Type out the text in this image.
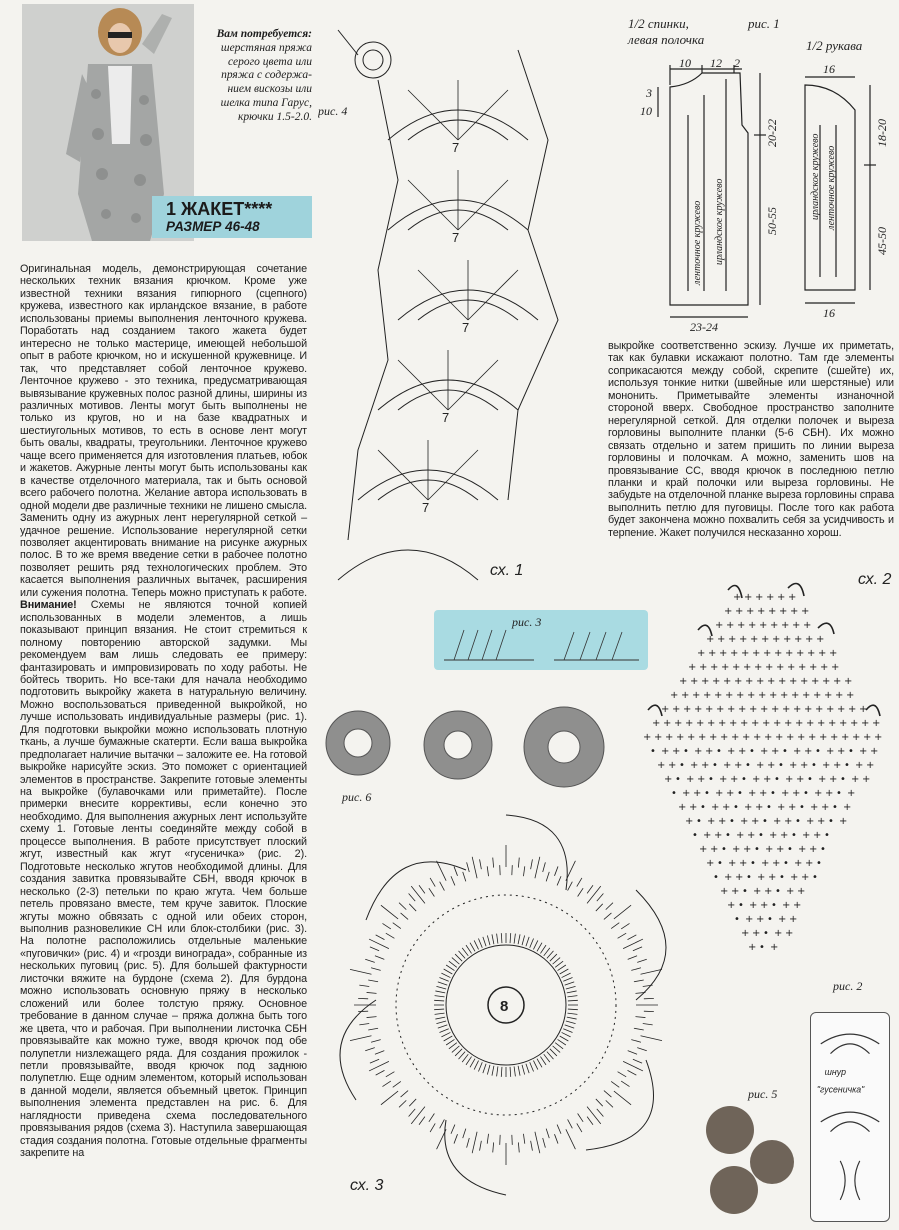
Вам потребуется:
шерстяная пряжа
серого цвета или
пряжа с содержа-
нием вискозы или
шелка типа Гарус,
крючки 1.5-2.0.
1 ЖАКЕТ****
РАЗМЕР 46-48
Оригинальная модель, демонстрирующая сочетание нескольких техник вязания крючком. Кроме уже известной техники вязания гипюрного (сцепного) кружева, известного как ирландское вязание, в работе использованы приемы выполнения ленточного кружева. Поработать над созданием такого жакета будет интересно не только мастерице, имеющей небольшой опыт в работе крючком, но и искушенной кружевнице. И так, что представляет собой ленточное кружево. Ленточное кружево - это техника, предусматривающая вывязывание кружевных полос разной длины, ширины из различных мотивов. Ленты могут быть выполнены не только из кругов, но и на базе квадратных и шестиугольных мотивов, то есть в основе лент могут быть овалы, квадраты, треугольники. Ленточное кружево чаще всего применяется для изготовления платьев, юбок и жакетов. Ажурные ленты могут быть использованы как в качестве отделочного материала, так и быть основой всего рабочего полотна. Желание автора использовать в одной модели две различные техники не лишено смысла. Заменить одну из ажурных лент нерегулярной сеткой – удачное решение. Использование нерегулярной сетки позволяет акцентировать внимание на рисунке ажурных полос. В то же время введение сетки в рабочее полотно позволяет решить ряд технологических проблем. Это касается выполнения различных вытачек, расширения или сужения полотна. Теперь можно приступать к работе. Внимание! Схемы не являются точной копией использованных в модели элементов, а лишь показывают принцип вязания. Не стоит стремиться к полному повторению авторской задумки. Мы рекомендуем вам лишь следовать ее примеру: фантазировать и импровизировать по ходу работы. Не бойтесь творить. Но все-таки для начала необходимо подготовить выкройку жакета в натуральную величину. Можно воспользоваться приведенной выкройкой, но лучше использовать индивидуальные размеры (рис. 1). Для подготовки выкройки можно использовать плотную ткань, а лучше бумажные скатерти. Если ваша выкройка предполагает наличие вытачки – заложите ее. На готовой выкройке нарисуйте эскиз. Это поможет с ориентацией элементов в пространстве. Закрепите готовые элементы на выкройке (булавочками или приметайте). После примерки внесите коррективы, если конечно это необходимо. Для выполнения ажурных лент используйте схему 1. Готовые ленты соединяйте между собой в процессе выполнения. В работе присутствует плоский жгут, известный как жгут «гусеничка» (рис. 2). Подготовьте несколько жгутов необходимой длины. Для создания завитка провязывайте СБН, вводя крючок в несколько (2-3) петельки по краю жгута. Чем больше петель провязано вместе, тем круче завиток. Плоские жгуты можно обвязать с одной или обеих сторон, выполнив разновеликие СН или блок-столбики (рис. 3). На полотне расположились отдельные маленькие «пуговички» (рис. 4) и «грозди винограда», собранные из нескольких пуговиц (рис. 5). Для большей фактурности листочки вяжите на бурдоне (схема 2). Для бурдона можно использовать основную пряжу в несколько сложений или более толстую пряжу. Основное требование в данном случае – пряжа должна быть того же цвета, что и рабочая. При выполнении листочка СБН провязывайте как можно туже, вводя крючок под обе полупетли низлежащего ряда. Для создания прожилок - петли провязывайте, вводя крючок под заднюю полупетлю. Еще одним элементом, который использован в данной модели, является объемный цветок. Принцип выполнения элемента представлен на рис. 6. Для наглядности приведена схема последовательного провязывания рядов (схема 3). Наступила завершающая стадия создания полотна. Готовые отдельные фрагменты закрепите на
выкройке соответственно эскизу. Лучше их приметать, так как булавки искажают полотно. Там где элементы соприкасаются между собой, скрепите (сшейте) их, используя тонкие нитки (швейные или шерстяные) или мононить. Приметывайте элементы изнаночной стороной вверх. Свободное пространство заполните нерегулярной сеткой. Для отделки полочек и выреза горловины выполните планки (5-6 СБН). Их можно связать отдельно и затем пришить по линии выреза горловины и полочкам. А можно, заменить шов на провязывание СС, вводя крючок в последнюю петлю планки и край полочки или выреза горловины. Не забудьте на отделочной планке выреза горловины справа выполнить петлю для пуговицы. После того как работа будет закончена можно похвалить себя за усидчивость и терпение. Жакет получился несказанно хорош.
1/2 спинки,
левая полочка
рис. 1
1/2 рукава
10 12 2
3
10
23-24
20-22
50-55
16
16
18-20
45-50
ленточное кружево ирландское кружево
ирландское кружево ленточное кружево
7
7
7
7
7
рис. 4
сх. 1
рис. 3
+ + + + + +
+ + + + + + + +
+ + + + + + + + +
+ + + + + + + + + + +
+ + + + + + + + + + + + +
+ + + + + + + + + + + + + +
+ + + + + + + + + + + + + + + +
+ + + + + + + + + + + + + + + + +
+ + + + + + + + + + + + + + + + + + +
+ + + + + + + + + + + + + + + + + + + + +
+ + + + + + + + + + + + + + + + + + + + + +
• + + • + + • + + • + + • + + • + + • + +
+ + • + + • + + • + + • + + • + + • + +
+ • + + • + + • + + • + + • + + • + +
• + + • + + • + + • + + • + + • +
+ + • + + • + + • + + • + + • +
+ • + + • + + • + + • + + • +
• + + • + + • + + • + + •
+ + • + + • + + • + + •
+ • + + • + + • + + •
• + + • + + • + + •
+ + • + + • + +
+ • + + • + +
• + + • + +
+ + • + +
+ • +
сх. 2
рис. 2
рис. 6
8
сх. 3
рис. 5
шнур
"гусеничка"
